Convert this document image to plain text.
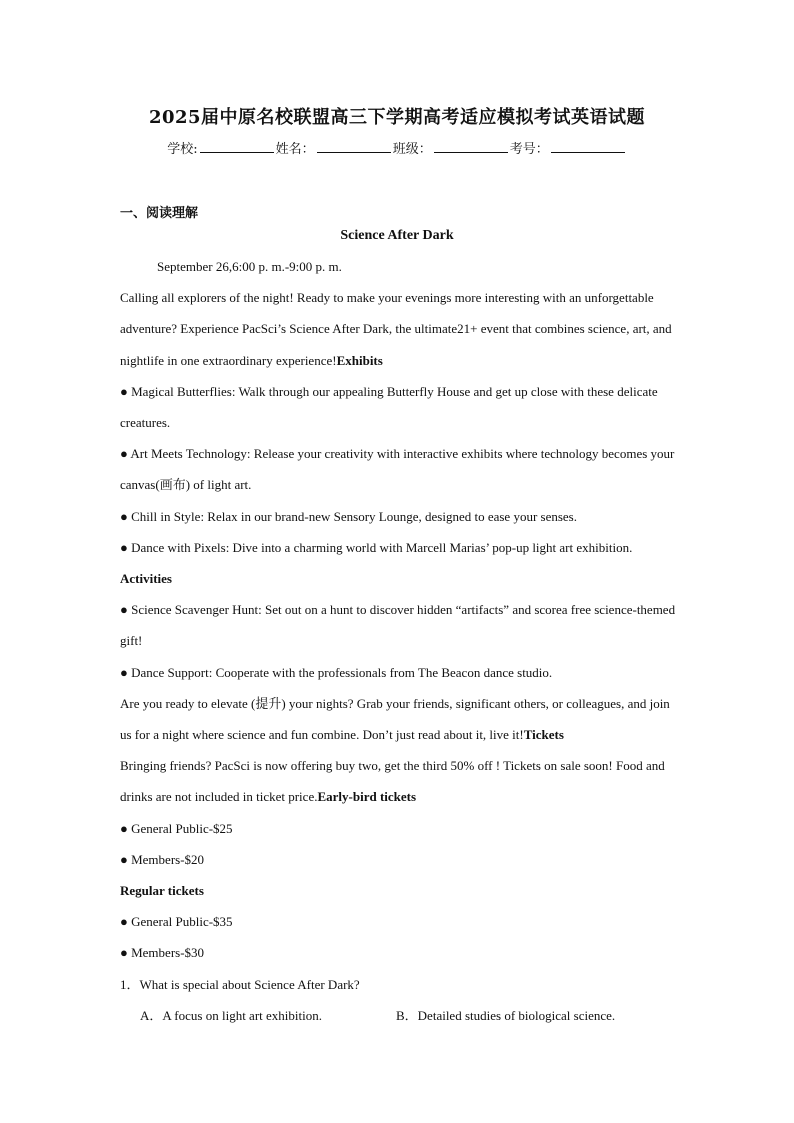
2025届中原名校联盟高三下学期高考适应模拟考试英语试题
学校:	姓名：	班级：	考号：
一、阅读理解
Science After Dark

September 26,6:00 p. m.-9:00 p. m.

Calling all explorers of the night! Ready to make your evenings more interesting with an unforgettable adventure? Experience PacSci’s Science After Dark, the ultimate21+ event that combines science, art, and nightlife in one extraordinary experience!Exhibits

● Magical Butterflies: Walk through our appealing Butterfly House and get up close with these delicate creatures.

● Art Meets Technology: Release your creativity with interactive exhibits where technology becomes your canvas(画布) of light art.

● Chill in Style: Relax in our brand-new Sensory Lounge, designed to ease your senses.

● Dance with Pixels: Dive into a charming world with Marcell Marias’ pop-up light art exhibition.

Activities

● Science Scavenger Hunt: Set out on a hunt to discover hidden “artifacts” and scorea free science-themed gift!

● Dance Support: Cooperate with the professionals from The Beacon dance studio.

Are you ready to elevate (提升) your nights? Grab your friends, significant others, or colleagues, and join us for a night where science and fun combine. Don’t just read about it, live it!Tickets

Bringing friends? PacSci is now offering buy two, get the third 50% off ! Tickets on sale soon! Food and drinks are not included in ticket price.Early-bird tickets

● General Public-$25

● Members-$20

Regular tickets

● General Public-$35

● Members-$30

1．What is special about Science After Dark?

A．A focus on light art exhibition.	B．Detailed studies of biological science.
